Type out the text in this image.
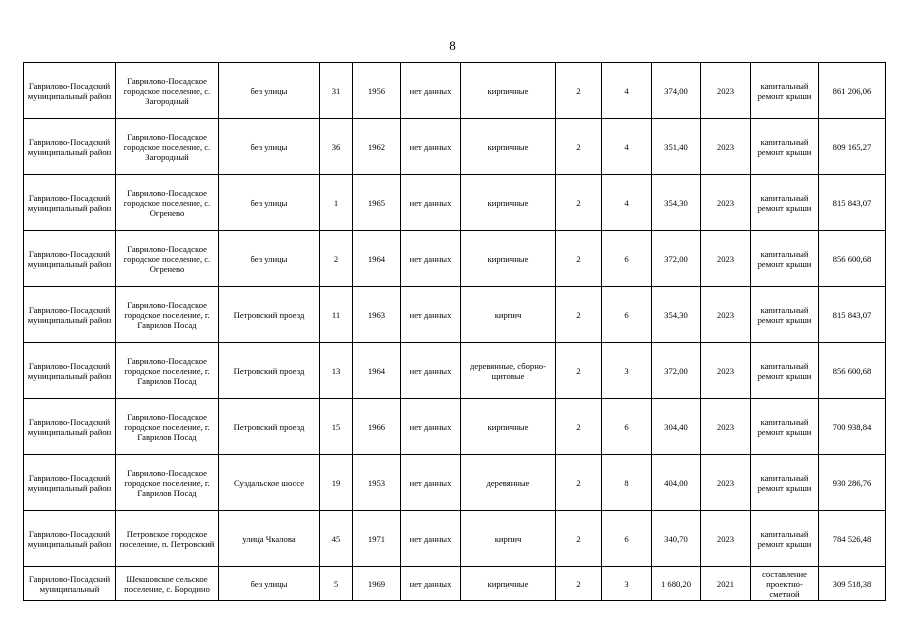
8
Гаврилово-Посадский муниципальный район	Гаврилово-Посадское городское поселение, с. Загородный	без улицы	31	1956	нет данных	кирпичные	2	4	374,00	2023	капитальный ремонт крыши	861 206,06
Гаврилово-Посадский муниципальный район	Гаврилово-Посадское городское поселение, с. Загородный	без улицы	36	1962	нет данных	кирпичные	2	4	351,40	2023	капитальный ремонт крыши	809 165,27
Гаврилово-Посадский муниципальный район	Гаврилово-Посадское городское поселение, с. Огренево	без улицы	1	1965	нет данных	кирпичные	2	4	354,30	2023	капитальный ремонт крыши	815 843,07
Гаврилово-Посадский муниципальный район	Гаврилово-Посадское городское поселение, с. Огренево	без улицы	2	1964	нет данных	кирпичные	2	6	372,00	2023	капитальный ремонт крыши	856 600,68
Гаврилово-Посадский муниципальный район	Гаврилово-Посадское городское поселение, г. Гаврилов Посад	Петровский проезд	11	1963	нет данных	кирпич	2	6	354,30	2023	капитальный ремонт крыши	815 843,07
Гаврилово-Посадский муниципальный район	Гаврилово-Посадское городское поселение, г. Гаврилов Посад	Петровский проезд	13	1964	нет данных	деревянные, сборно-щитовые	2	3	372,00	2023	капитальный ремонт крыши	856 600,68
Гаврилово-Посадский муниципальный район	Гаврилово-Посадское городское поселение, г. Гаврилов Посад	Петровский проезд	15	1966	нет данных	кирпичные	2	6	304,40	2023	капитальный ремонт крыши	700 938,84
Гаврилово-Посадский муниципальный район	Гаврилово-Посадское городское поселение, г. Гаврилов Посад	Суздальское шоссе	19	1953	нет данных	деревянные	2	8	404,00	2023	капитальный ремонт крыши	930 286,76
Гаврилово-Посадский муниципальный район	Петровское городское поселение, п. Петровский	улица Чкалова	45	1971	нет данных	кирпич	2	6	340,70	2023	капитальный ремонт крыши	784 526,48
Гаврилово-Посадский муниципальный	Шекшовское сельское поселение, с. Бородино	без улицы	5	1969	нет данных	кирпичные	2	3	1 680,20	2021	составление проектно-сметной	309 518,38
